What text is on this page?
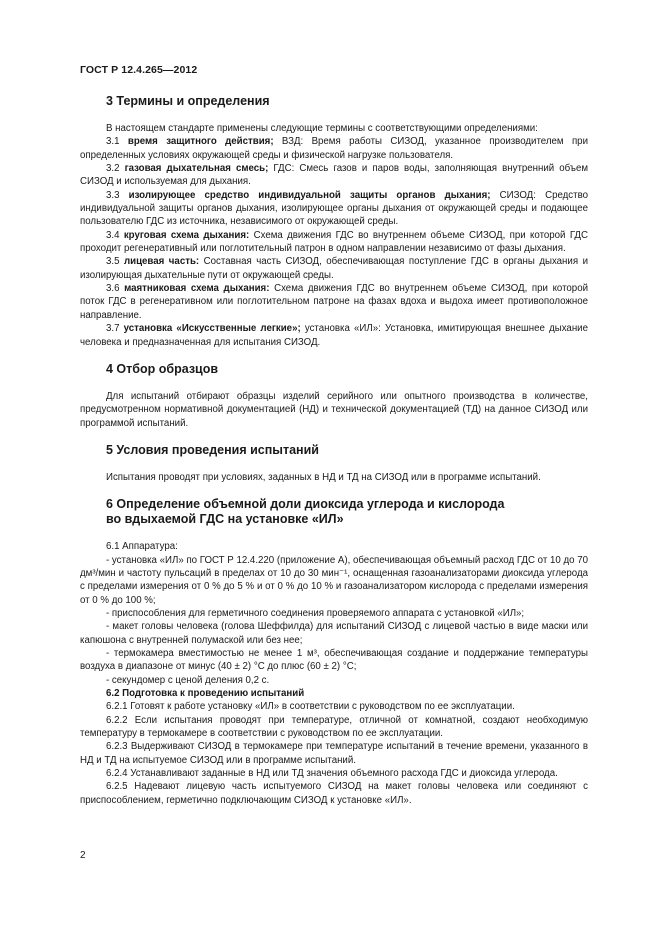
ГОСТ Р 12.4.265—2012
3 Термины и определения

В настоящем стандарте применены следующие термины с соответствующими определениями:

3.1 время защитного действия; ВЗД: Время работы СИЗОД, указанное производителем при определенных условиях окружающей среды и физической нагрузке пользователя.

3.2 газовая дыхательная смесь; ГДС: Смесь газов и паров воды, заполняющая внутренний объем СИЗОД и используемая для дыхания.

3.3 изолирующее средство индивидуальной защиты органов дыхания; СИЗОД: Средство индивидуальной защиты органов дыхания, изолирующее органы дыхания от окружающей среды и подающее пользователю ГДС из источника, независимого от окружающей среды.

3.4 круговая схема дыхания: Схема движения ГДС во внутреннем объеме СИЗОД, при которой ГДС проходит регенеративный или поглотительный патрон в одном направлении независимо от фазы дыхания.

3.5 лицевая часть: Составная часть СИЗОД, обеспечивающая поступление ГДС в органы дыхания и изолирующая дыхательные пути от окружающей среды.

3.6 маятниковая схема дыхания: Схема движения ГДС во внутреннем объеме СИЗОД, при которой поток ГДС в регенеративном или поглотительном патроне на фазах вдоха и выдоха имеет противоположное направление.

3.7 установка «Искусственные легкие»; установка «ИЛ»: Установка, имитирующая внешнее дыхание человека и предназначенная для испытания СИЗОД.

4 Отбор образцов

Для испытаний отбирают образцы изделий серийного или опытного производства в количестве, предусмотренном нормативной документацией (НД) и технической документацией (ТД) на данное СИЗОД или программой испытаний.

5 Условия проведения испытаний

Испытания проводят при условиях, заданных в НД и ТД на СИЗОД или в программе испытаний.

6 Определение объемной доли диоксида углерода и кислорода
во вдыхаемой ГДС на установке «ИЛ»

6.1 Аппаратура:

- установка «ИЛ» по ГОСТ Р 12.4.220 (приложение А), обеспечивающая объемный расход ГДС от 10 до 70 дм³/мин и частоту пульсаций в пределах от 10 до 30 мин⁻¹, оснащенная газоанализаторами диоксида углерода с пределами измерения от 0 % до 5 % и от 0 % до 10 % и газоанализатором кислорода с пределами измерения от 0 % до 100 %;

- приспособления для герметичного соединения проверяемого аппарата с установкой «ИЛ»;

- макет головы человека (голова Шеффилда) для испытаний СИЗОД с лицевой частью в виде маски или капюшона с внутренней полумаской или без нее;

- термокамера вместимостью не менее 1 м³, обеспечивающая создание и поддержание температуры воздуха в диапазоне от минус (40 ± 2) °С до плюс (60 ± 2) °С;

- секундомер с ценой деления 0,2 с.

6.2 Подготовка к проведению испытаний

6.2.1 Готовят к работе установку «ИЛ» в соответствии с руководством по ее эксплуатации.

6.2.2 Если испытания проводят при температуре, отличной от комнатной, создают необходимую температуру в термокамере в соответствии с руководством по ее эксплуатации.

6.2.3 Выдерживают СИЗОД в термокамере при температуре испытаний в течение времени, указанного в НД и ТД на испытуемое СИЗОД или в программе испытаний.

6.2.4 Устанавливают заданные в НД или ТД значения объемного расхода ГДС и диоксида углерода.

6.2.5 Надевают лицевую часть испытуемого СИЗОД на макет головы человека или соединяют с приспособлением, герметично подключающим СИЗОД к установке «ИЛ».

2
